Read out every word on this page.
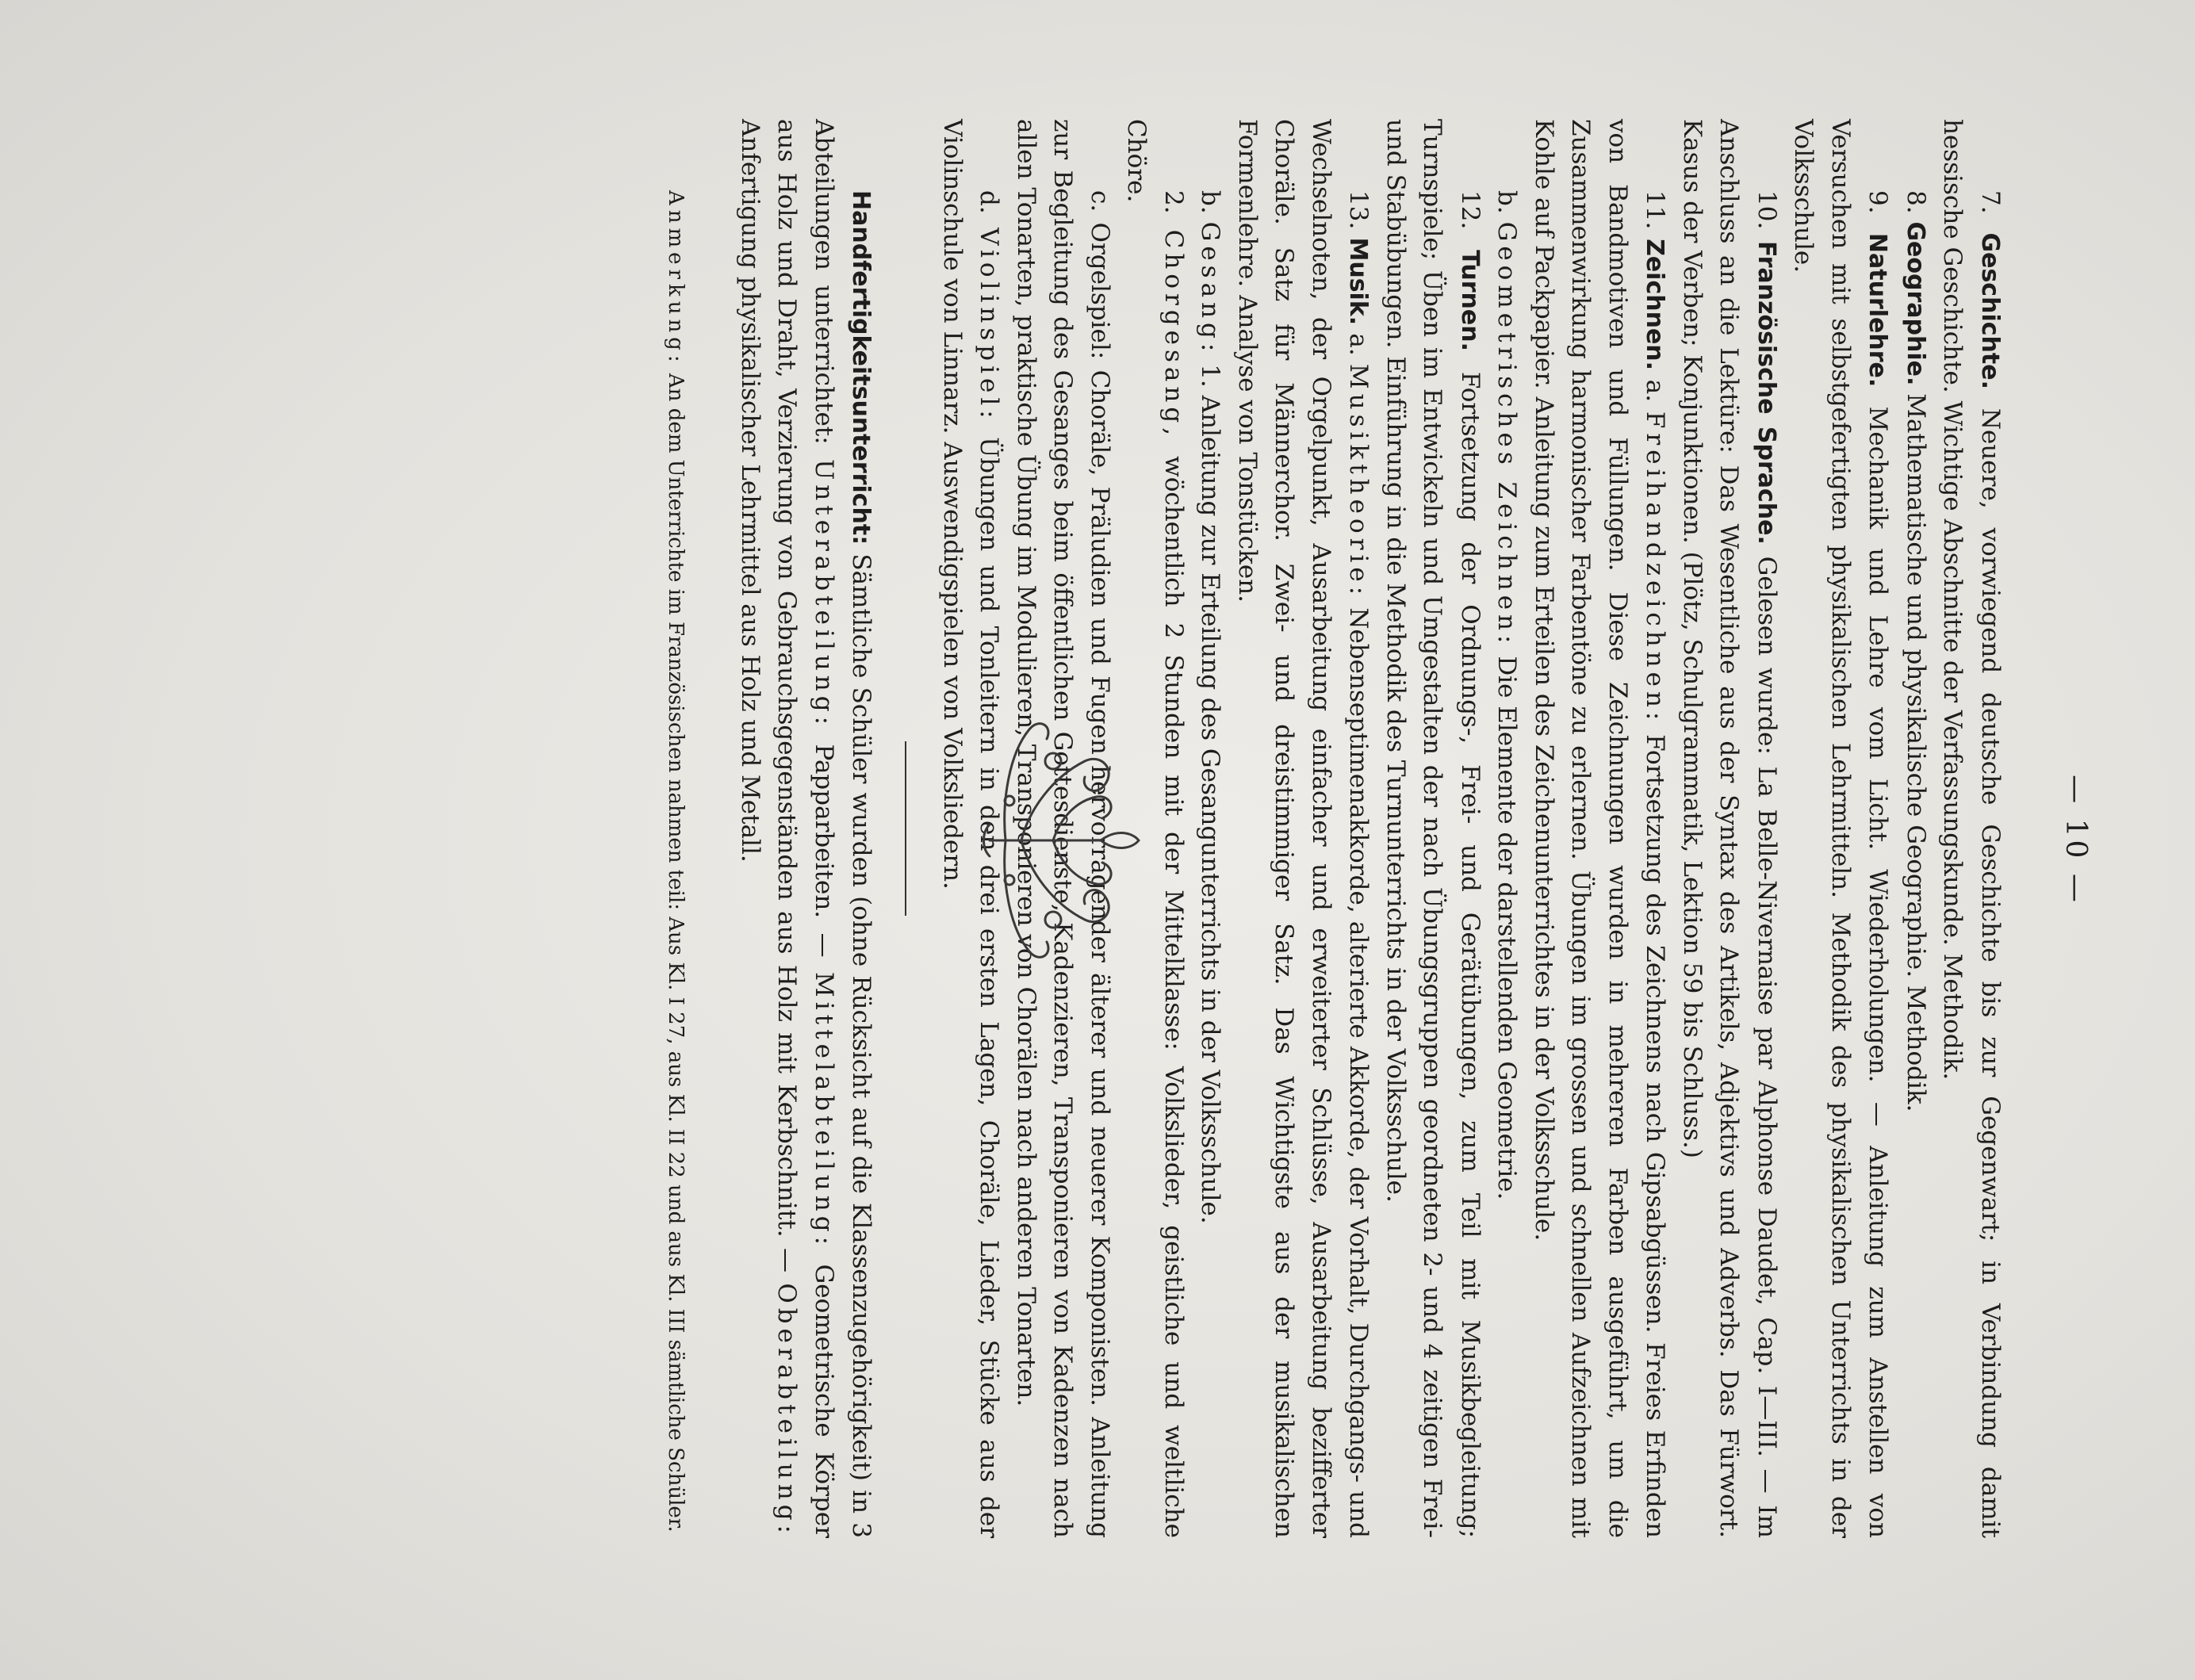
— 10 —

7. Geschichte. Neuere, vorwiegend deutsche Geschichte bis zur Gegenwart; in Verbindung damit hessische Geschichte. Wichtige Abschnitte der Verfassungskunde. Methodik.

8. Geographie. Mathematische und physikalische Geographie. Methodik.

9. Naturlehre. Mechanik und Lehre vom Licht. Wiederholungen. — Anleitung zum Anstellen von Versuchen mit selbstgefertigten physikalischen Lehrmitteln. Methodik des physikalischen Unterrichts in der Volksschule.

10. Französische Sprache. Gelesen wurde: La Belle-Nivernaise par Alphonse Daudet, Cap. I—III. — Im Anschluss an die Lektüre: Das Wesentliche aus der Syntax des Artikels, Adjektivs und Adverbs. Das Fürwort. Kasus der Verben; Konjunktionen. (Plötz, Schulgrammatik, Lektion 59 bis Schluss.)

11. Zeichnen. a. Freihandzeichnen: Fortsetzung des Zeichnens nach Gipsabgüssen. Freies Erfinden von Bandmotiven und Füllungen. Diese Zeichnungen wurden in mehreren Farben ausgeführt, um die Zusammenwirkung harmonischer Farbentöne zu erlernen. Übungen im grossen und schnellen Aufzeichnen mit Kohle auf Packpapier. Anleitung zum Erteilen des Zeichenunterrichtes in der Volksschule.

b. Geometrisches Zeichnen: Die Elemente der darstellenden Geometrie.

12. Turnen. Fortsetzung der Ordnungs-, Frei- und Gerätübungen, zum Teil mit Musikbegleitung; Turnspiele; Üben im Entwickeln und Umgestalten der nach Übungsgruppen geordneten 2- und 4 zeitigen Frei- und Stabübungen. Einführung in die Methodik des Turnunterrichts in der Volksschule.

13. Musik. a. Musiktheorie: Nebenseptimenakkorde, alterierte Akkorde, der Vorhalt, Durchgangs- und Wechselnoten, der Orgelpunkt, Ausarbeitung einfacher und erweiterter Schlüsse, Ausarbeitung bezifferter Choräle. Satz für Männerchor. Zwei- und dreistimmiger Satz. Das Wichtigste aus der musikalischen Formenlehre. Analyse von Tonstücken.

b. Gesang: 1. Anleitung zur Erteilung des Gesangunterrichts in der Volksschule.

2. Chorgesang, wöchentlich 2 Stunden mit der Mittelklasse: Volkslieder, geistliche und weltliche Chöre.

c. Orgelspiel: Choräle, Präludien und Fugen hervorragender älterer und neuerer Komponisten. Anleitung zur Begleitung des Gesanges beim öffentlichen Gottesdienste, Kadenzieren, Transponieren von Kadenzen nach allen Tonarten, praktische Übung im Modulieren, Transponieren von Chorälen nach anderen Tonarten.

d. Violinspiel: Übungen und Tonleitern in den drei ersten Lagen, Choräle, Lieder, Stücke aus der Violinschule von Linnarz. Auswendigspielen von Volksliedern.

Handfertigkeitsunterricht: Sämtliche Schüler wurden (ohne Rücksicht auf die Klassenzugehörigkeit) in 3 Abteilungen unterrichtet: Unterabteilung: Papparbeiten. — Mittelabteilung: Geometrische Körper aus Holz und Draht, Verzierung von Gebrauchsgegenständen aus Holz mit Kerbschnitt. — Oberabteilung: Anfertigung physikalischer Lehrmittel aus Holz und Metall.

Anmerkung: An dem Unterrichte im Französischen nahmen teil: Aus Kl. I 27, aus Kl. II 22 und aus Kl. III sämtliche Schüler.
